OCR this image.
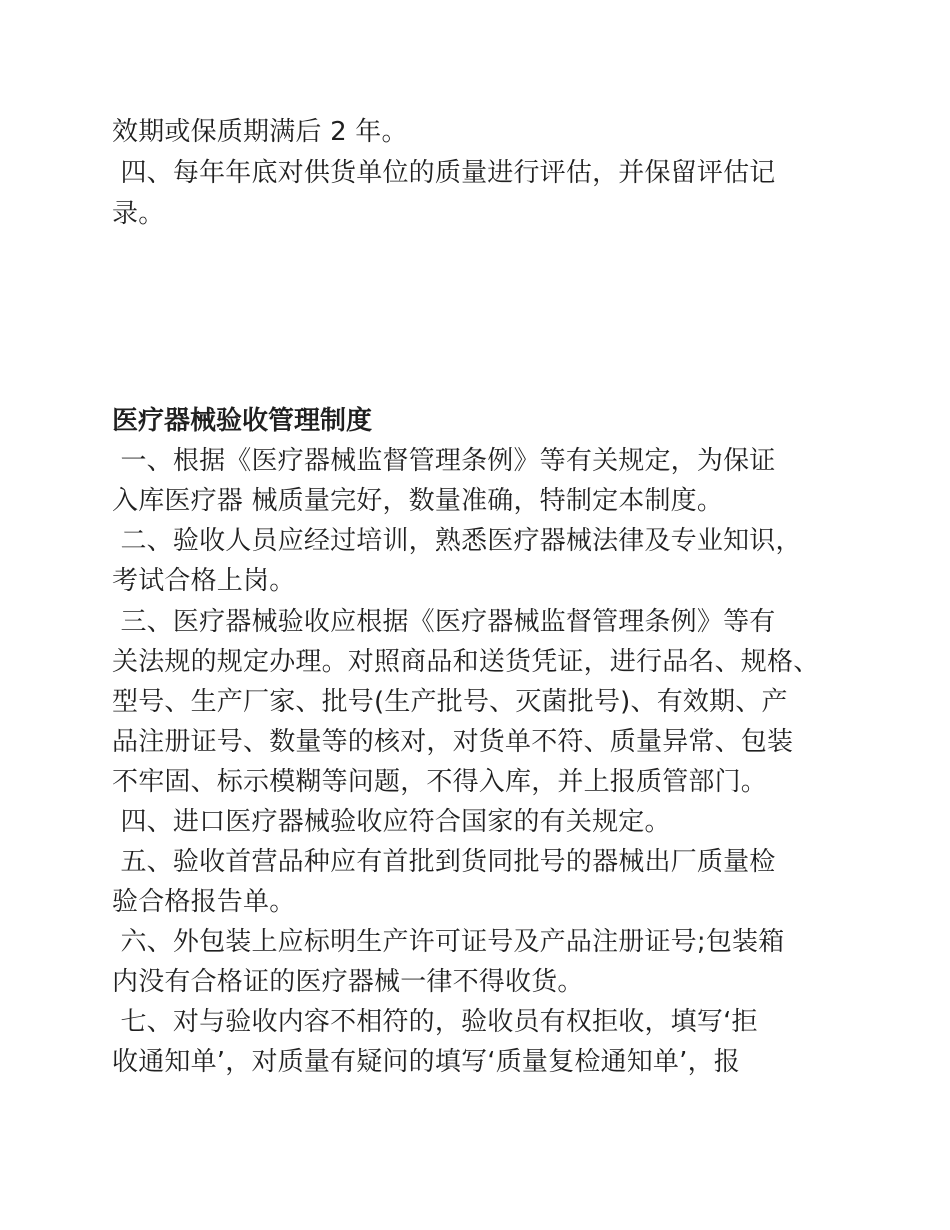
效期或保质期满后 2 年。
四、每年年底对供货单位的质量进行评估，并保留评估记
录。
医疗器械验收管理制度
一、根据《医疗器械监督管理条例》等有关规定，为保证
入库医疗器 械质量完好，数量准确，特制定本制度。
二、验收人员应经过培训，熟悉医疗器械法律及专业知识，
考试合格上岗。
三、医疗器械验收应根据《医疗器械监督管理条例》等有
关法规的规定办理。对照商品和送货凭证，进行品名、规格、
型号、生产厂家、批号(生产批号、灭菌批号)、有效期、产
品注册证号、数量等的核对，对货单不符、质量异常、包装
不牢固、标示模糊等问题，不得入库，并上报质管部门。
四、进口医疗器械验收应符合国家的有关规定。
五、验收首营品种应有首批到货同批号的器械出厂质量检
验合格报告单。
六、外包装上应标明生产许可证号及产品注册证号;包装箱
内没有合格证的医疗器械一律不得收货。
七、对与验收内容不相符的，验收员有权拒收，填写‘拒
收通知单’，对质量有疑问的填写‘质量复检通知单’，报
